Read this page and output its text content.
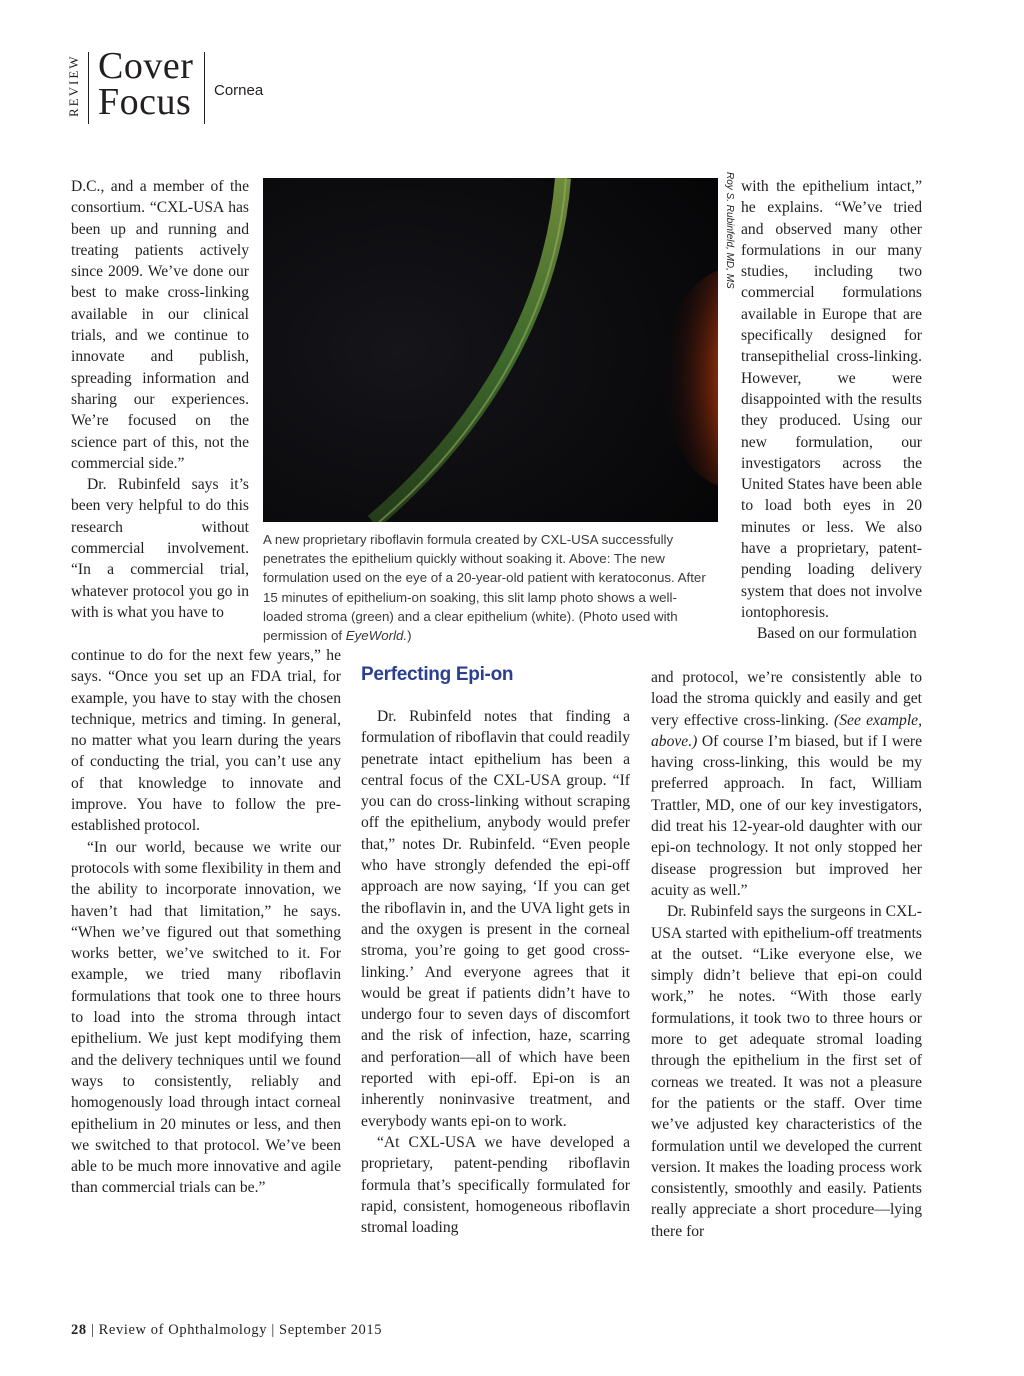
REVIEW Cover
Focus Cornea

D.C., and a member of the consortium. “CXL-USA has been up and running and treating patients actively since 2009. We’ve done our best to make cross-linking available in our clinical trials, and we continue to innovate and publish, spreading information and sharing our experiences. We’re focused on the science part of this, not the commercial side.”

Dr. Rubinfeld says it’s been very helpful to do this research without commercial involvement. “In a commercial trial, whatever protocol you go in with is what you have to

Roy S. Rubinfeld, MD, MS
A new proprietary riboflavin formula created by CXL-USA successfully penetrates the epithelium quickly without soaking it. Above: The new formulation used on the eye of a 20-year-old patient with keratoconus. After 15 minutes of epithelium-on soaking, this slit lamp photo shows a well-loaded stroma (green) and a clear epithelium (white). (Photo used with permission of EyeWorld.)

continue to do for the next few years,” he says. “Once you set up an FDA trial, for example, you have to stay with the chosen technique, metrics and timing. In general, no matter what you learn during the years of conducting the trial, you can’t use any of that knowledge to innovate and improve. You have to follow the pre-established protocol.

“In our world, because we write our protocols with some flexibility in them and the ability to incorporate innovation, we haven’t had that limitation,” he says. “When we’ve figured out that something works better, we’ve switched to it. For example, we tried many riboflavin formulations that took one to three hours to load into the stroma through intact epithelium. We just kept modifying them and the delivery techniques until we found ways to consistently, reliably and homogenously load through intact corneal epithelium in 20 minutes or less, and then we switched to that protocol. We’ve been able to be much more innovative and agile than commercial trials can be.”

Perfecting Epi-on

Dr. Rubinfeld notes that finding a formulation of riboflavin that could readily penetrate intact epithelium has been a central focus of the CXL-USA group. “If you can do cross-linking without scraping off the epithelium, anybody would prefer that,” notes Dr. Rubinfeld. “Even people who have strongly defended the epi-off approach are now saying, ‘If you can get the riboflavin in, and the UVA light gets in and the oxygen is present in the corneal stroma, you’re going to get good cross-linking.’ And everyone agrees that it would be great if patients didn’t have to undergo four to seven days of discomfort and the risk of infection, haze, scarring and perforation—all of which have been reported with epi-off. Epi-on is an inherently noninvasive treatment, and everybody wants epi-on to work.

“At CXL-USA we have developed a proprietary, patent-pending riboflavin formula that’s specifically formulated for rapid, consistent, homogeneous riboflavin stromal loading

with the epithelium intact,” he explains. “We’ve tried and observed many other formulations in our many studies, including two commercial formulations available in Europe that are specifically designed for transepithelial cross-linking. However, we were disappointed with the results they produced. Using our new formulation, our investigators across the United States have been able to load both eyes in 20 minutes or less. We also have a proprietary, patent-pending loading delivery system that does not involve iontophoresis.

Based on our formulation

and protocol, we’re consistently able to load the stroma quickly and easily and get very effective cross-linking. (See example, above.) Of course I’m biased, but if I were having cross-linking, this would be my preferred approach. In fact, William Trattler, MD, one of our key investigators, did treat his 12-year-old daughter with our epi-on technology. It not only stopped her disease progression but improved her acuity as well.”

Dr. Rubinfeld says the surgeons in CXL-USA started with epithelium-off treatments at the outset. “Like everyone else, we simply didn’t believe that epi-on could work,” he notes. “With those early formulations, it took two to three hours or more to get adequate stromal loading through the epithelium in the first set of corneas we treated. It was not a pleasure for the patients or the staff. Over time we’ve adjusted key characteristics of the formulation until we developed the current version. It makes the loading process work consistently, smoothly and easily. Patients really appreciate a short procedure—lying there for

28 | Review of Ophthalmology | September 2015
